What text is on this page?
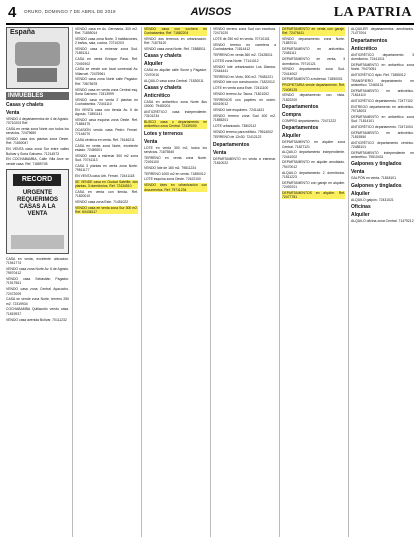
4 ORURO, DOMINGO 7 DE ABRIL DE 2019	AVISOS	LA PATRIA
España
INMUEBLES
Casas y chalets
Venta
VENDO 4 departamentos de 4 de Agosto. 70710203 Ref.
CASA en venta zona Norte con todos los servicios. 72479650
VENDO casa dos plantas zona Oeste. Ref. 71850047
EN VENTA casa zona Sur entre calles Bolívar y Soria Galvarro. 71214573
EN COCHABAMBA, Calle Villa Arce se vende casa. Ref. 71889745
RECORD
URGENTE REQUERIMOS CASAS A LA VENTA
CASA en venta, excelente ubicación. 71941774
VENDO casa zona Norte Av. 6 de Agosto. 79570412
VENDO casa Sebastián Pagador. 71917561
VENDO casa zona Central Ayacucho. 72472009
CASA se vende zona Norte, terreno 250 m2. 72319934
COCHABAMBA Quillacollo vendo casa. 71819937
VENDO casa avenida Bolívar. 70111232
VENDO casa en Av. Germania, 300 m2. Ref. 71855014
VENDO casa zona Norte, 3 habitaciones, 2 baños, sala, cocina. 70710203
VENDO casa a estrenar zona Sud. 71851111
CASA en venta Enrique Pasa. Ref. 72491902
CASA se vende con local comercial Av. Villarroel. 72475961
VENDO casa zona Norte calle Pagador. Ref. 73875678
VENDO casa en venta zona Central esq. Soria Galvarro. 72413999
VENDO casa en venta 2 plantas en Cochabamba. 72441110
EN VENTA casa con tienda Av. 6 de Agosto. 71851141
VENDO casa esquina zona Oeste. Ref. 71884475
OCASIÓN vendo casa Pedro Ferrari. 77144070
CASA céntrica en venta. Ref. 76146211
CASA en venta zona Norte, excelente estado. 72469201
VENDO casa a estrenar 300 m2 zona Sud. 70741113
CASA 3 plantas en venta zona Norte. 79511177
EN VENTA casa Urb. Ferrari. 72441118
SE VENDE casa en Ciudad Satélite, dos plantas, 3 dormitorios. Ref. 72434510
CASA en venta con tienda. Ref. 71820010
VENDO casa zona Este. 71451022
VENDO casa en venta zona Sur 300 m2. Ref. 60436117
VENDO casa con cochera en Cochabamba. Ref. 71882204
VENDO dos terrenos en urbanización. Ref. 71875120
VENDO casa zona Norte. Ref. 71888511
Casas y chalets
Alquiler
CASA en alquiler calle Sucre y Pagador. 72470010
ALQUILO casa zona Central. 71830011
Casas y chalets
Anticrético
CASA en anticrético zona Norte $us 15000. 79480201
ANTICRÉTICO casa independiente. 73101234
BUSCO casa o departamento en anticrético zona Central. 72439000
Lotes y terrenos
Venta
LOTE en venta 300 m2, todos los servicios. 71875540
TERRENO en venta zona Norte. 72491100
VENDO lote de 180 m2. 79811224
TERRENO 1000 m2 en venta. 71850012
LOTE esquina zona Oeste. 72422100
VENDO lotes en urbanización con documentos. Ref. 79711234
VENDO terreno zona Sud con escritura. 72471020
LOTE de 250 m2 en venta. 70710101
VENDO terreno en carretera a Cochabamba. 71814412
TERRENO en venta 360 m2. 72428011
LOTES zona Norte. 77141012
VENDO lote urbanización Los Álamos. 72444441
TERRENO en Vinto, 500 m2. 79481221
VENDO lote con construcción. 71822012
LOTE en venta zona Este. 72411100
VENDO terreno Av. Tacna. 71821002
TERRENOS con papeles en orden. 60419012
VENDO lote esquinero. 72414421
VENDO terreno zona Sud 400 m2. 71855201
LOTE urbanizado. 73802112
VENDO terreno para edificio. 79514002
TERRENO de 12x30. 72412122
Departamentos
Venta
DEPARTAMENTO en venta a estrenar. 71810022
DEPARTAMENTO en venta con garaje. Ref. 72476411
VENDO departamento zona Norte. 71887011
DEPARTAMENTO en anticrético. 72481111
DEPARTAMENTO en venta, 3 dormitorios. 79710121
VENDO departamento zona Sud. 72414002
DEPARTAMENTO a estrenar. 71850001
PROPIETARIA vende departamento. Ref. 72408125
VENDO departamento con vista. 71822200
Departamentos
Compra
COMPRO departamento. 72471222
Departamentos
Alquiler
DEPARTAMENTO en alquiler zona Central. 71827121
ALQUILO departamento independiente. 72441002
DEPARTAMENTO en alquiler amoblado. 79470012
ALQUILO departamento 2 dormitorios. 71811223
DEPARTAMENTO con garaje en alquiler. 72492201
DEPARTAMENTOS en alquiler. Ref. 72477781
ALQUILER departamentos amoblados. 71477004
Departamentos
Anticrético
ANTICRÉTICO departamento 3 dormitorios. 72441011
DEPARTAMENTO en anticrético zona Norte. 79470051
ANTICRÉTICO dpto. Ref. 71855012
TRANSFIERO departamento en anticrético. 72460131
DEPARTAMENTO en anticrético. 71814110
ANTICRÉTICO departamento. 72477102
ENTREGO departamento en anticrético. 79718003
DEPARTAMENTO en anticrético zona Sud. 71814101
ANTICRÉTICO departamento. 72471004
DEPARTAMENTO en anticrético. 71815550
ANTICRÉTICO departamento céntrico. 72485101
DEPARTAMENTO independiente en anticrético. 79510431
Galpones y tinglados
Venta
GALPÓN en venta. 71818101
Galpones y tinglados
Alquiler
ALQUILO galpón. 72431021
Oficinas
Alquiler
ALQUILO oficina zona Central. 71479212
